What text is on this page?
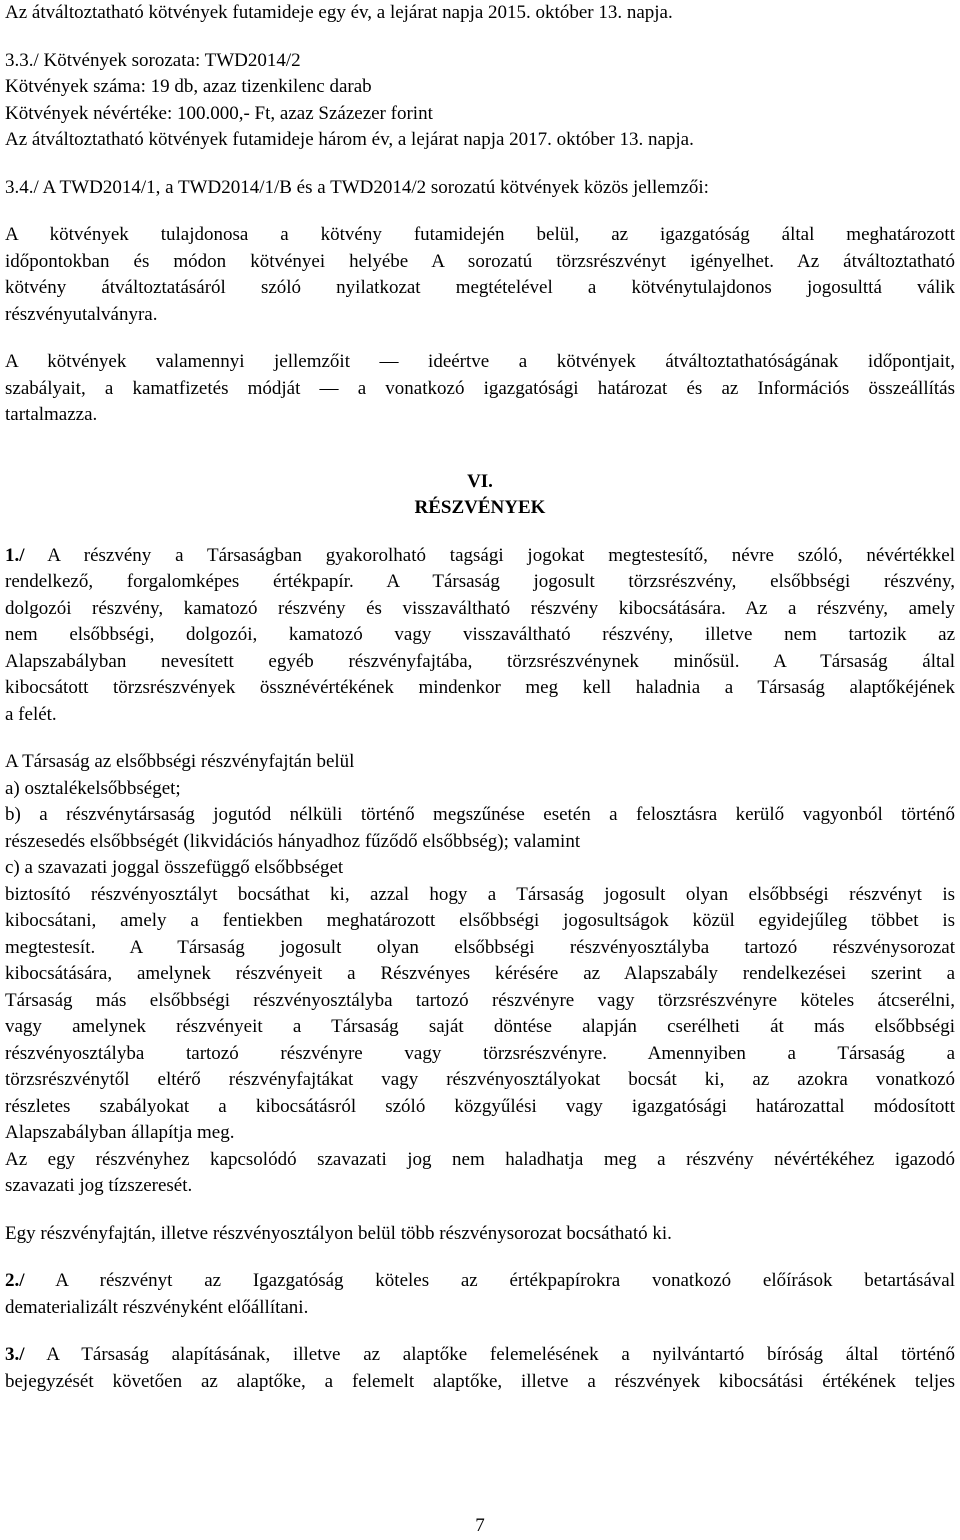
Az átváltoztatható kötvények futamideje egy év, a lejárat napja 2015. október 13. napja.

3.3./ Kötvények sorozata: TWD2014/2
Kötvények száma: 19 db, azaz tizenkilenc darab
Kötvények névértéke: 100.000,- Ft, azaz Százezer forint
Az átváltoztatható kötvények futamideje három év, a lejárat napja 2017. október 13. napja.

3.4./ A TWD2014/1, a TWD2014/1/B és a TWD2014/2 sorozatú kötvények közös jellemzői:

A kötvények tulajdonosa a kötvény futamidején belül, az igazgatóság által meghatározott
időpontokban és módon kötvényei helyébe A sorozatú törzsrészvényt igényelhet. Az átváltoztatható
kötvény átváltoztatásáról szóló nyilatkozat megtételével a kötvénytulajdonos jogosulttá válik
részvényutalványra.

A kötvények valamennyi jellemzőit — ideértve a kötvények átváltoztathatóságának időpontjait,
szabályait, a kamatfizetés módját — a vonatkozó igazgatósági határozat és az Információs összeállítás
tartalmazza.

VI.

RÉSZVÉNYEK

1./ A részvény a Társaságban gyakorolható tagsági jogokat megtestesítő, névre szóló, névértékkel
rendelkező, forgalomképes értékpapír. A Társaság jogosult törzsrészvény, elsőbbségi részvény,
dolgozói részvény, kamatozó részvény és visszaváltható részvény kibocsátására. Az a részvény, amely
nem elsőbbségi, dolgozói, kamatozó vagy visszaváltható részvény, illetve nem tartozik az
Alapszabályban nevesített egyéb részvényfajtába, törzsrészvénynek minősül. A Társaság által
kibocsátott törzsrészvények össznévértékének mindenkor meg kell haladnia a Társaság alaptőkéjének
a felét.

A Társaság az elsőbbségi részvényfajtán belül
a) osztalékelsőbbséget;
b) a részvénytársaság jogutód nélküli történő megszűnése esetén a felosztásra kerülő vagyonból történő
részesedés elsőbbségét (likvidációs hányadhoz fűződő elsőbbség); valamint
c) a szavazati joggal összefüggő elsőbbséget
biztosító részvényosztályt bocsáthat ki, azzal hogy a Társaság jogosult olyan elsőbbségi részvényt is
kibocsátani, amely a fentiekben meghatározott elsőbbségi jogosultságok közül egyidejűleg többet is
megtestesít. A Társaság jogosult olyan elsőbbségi részvényosztályba tartozó részvénysorozat
kibocsátására, amelynek részvényeit a Részvényes kérésére az Alapszabály rendelkezései szerint a
Társaság más elsőbbségi részvényosztályba tartozó részvényre vagy törzsrészvényre köteles átcserélni,
vagy amelynek részvényeit a Társaság saját döntése alapján cserélheti át más elsőbbségi
részvényosztályba tartozó részvényre vagy törzsrészvényre. Amennyiben a Társaság a
törzsrészvénytől eltérő részvényfajtákat vagy részvényosztályokat bocsát ki, az azokra vonatkozó
részletes szabályokat a kibocsátásról szóló közgyűlési vagy igazgatósági határozattal módosított
Alapszabályban állapítja meg.
Az egy részvényhez kapcsolódó szavazati jog nem haladhatja meg a részvény névértékéhez igazodó
szavazati jog tízszeresét.

Egy részvényfajtán, illetve részvényosztályon belül több részvénysorozat bocsátható ki.

2./ A részvényt az Igazgatóság köteles az értékpapírokra vonatkozó előírások betartásával
dematerializált részvényként előállítani.

3./ A Társaság alapításának, illetve az alaptőke felemelésének a nyilvántartó bíróság által történő
bejegyzését követően az alaptőke, a felemelt alaptőke, illetve a részvények kibocsátási értékének teljes

7
